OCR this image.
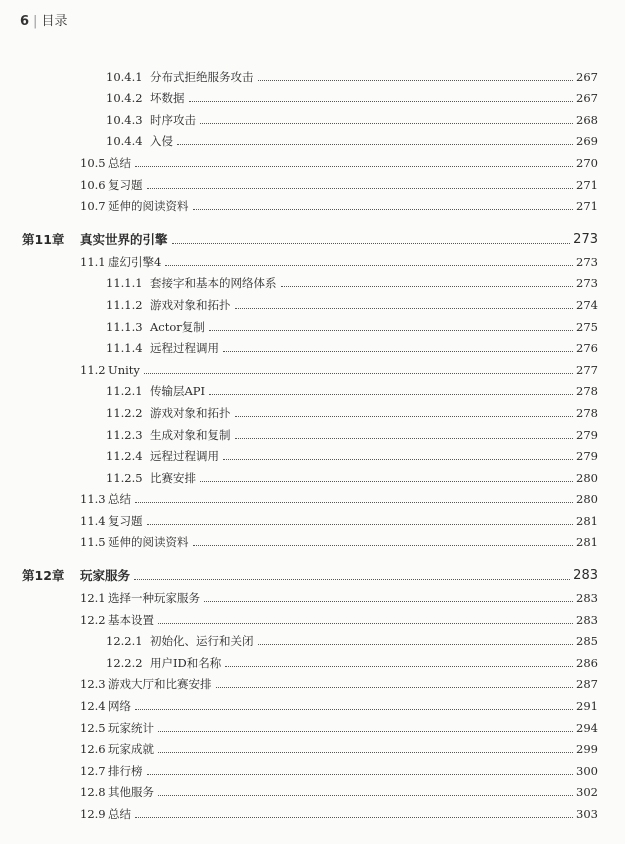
6 | 目录
10.4.1 分布式拒绝服务攻击	267
10.4.2 坏数据	267
10.4.3 时序攻击	268
10.4.4 入侵	269
10.5 总结	270
10.6 复习题	271
10.7 延伸的阅读资料	271
第11章	真实世界的引擎	273
11.1 虚幻引擎4	273
11.1.1 套接字和基本的网络体系	273
11.1.2 游戏对象和拓扑	274
11.1.3 Actor复制	275
11.1.4 远程过程调用	276
11.2 Unity	277
11.2.1 传输层API	278
11.2.2 游戏对象和拓扑	278
11.2.3 生成对象和复制	279
11.2.4 远程过程调用	279
11.2.5 比赛安排	280
11.3 总结	280
11.4 复习题	281
11.5 延伸的阅读资料	281
第12章	玩家服务	283
12.1 选择一种玩家服务	283
12.2 基本设置	283
12.2.1 初始化、运行和关闭	285
12.2.2 用户ID和名称	286
12.3 游戏大厅和比赛安排	287
12.4 网络	291
12.5 玩家统计	294
12.6 玩家成就	299
12.7 排行榜	300
12.8 其他服务	302
12.9 总结	303
